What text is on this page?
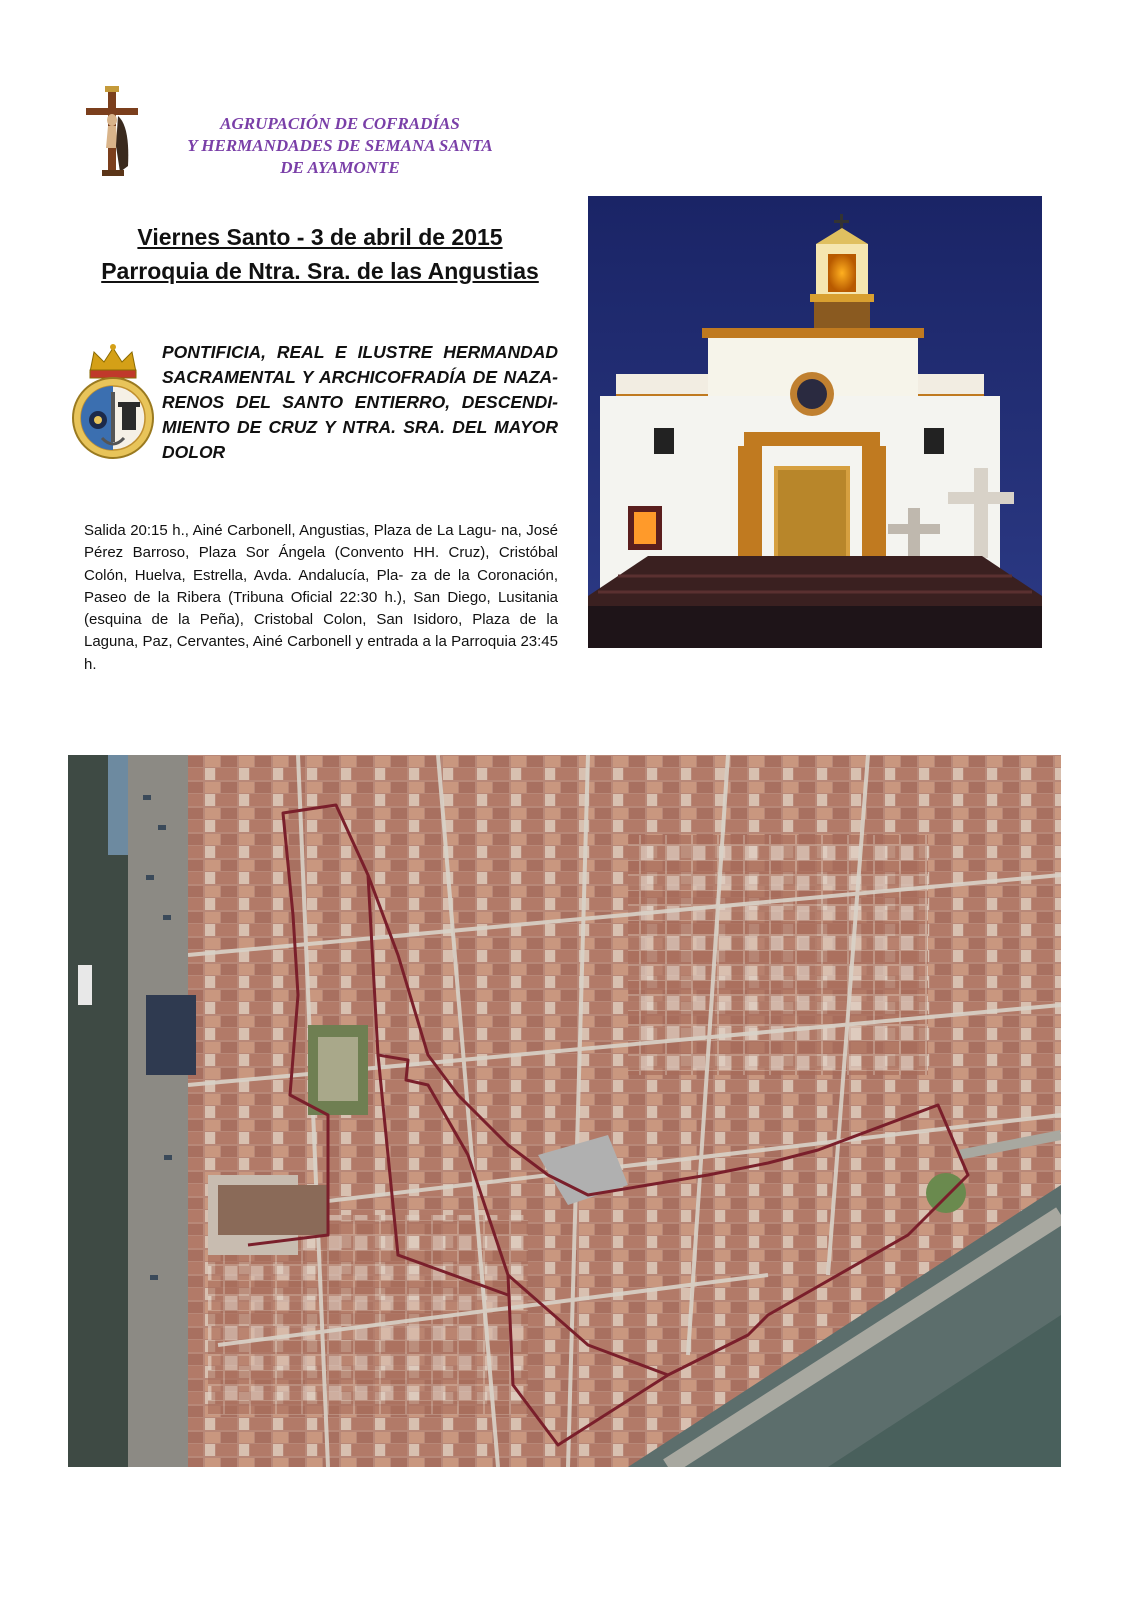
AGRUPACIÓN DE COFRADÍAS
Y HERMANDADES DE SEMANA SANTA
DE AYAMONTE
Viernes Santo - 3 de abril de 2015
Parroquia de Ntra. Sra. de las Angustias
PONTIFICIA, REAL E ILUSTRE HERMANDAD SACRAMENTAL Y ARCHICOFRADÍA DE NAZA- RENOS DEL SANTO ENTIERRO, DESCENDI- MIENTO DE CRUZ Y NTRA. SRA. DEL MAYOR DOLOR
Salida 20:15 h., Ainé Carbonell, Angustias, Plaza de La Lagu- na, José Pérez Barroso, Plaza Sor Ángela (Convento HH. Cruz), Cristóbal Colón, Huelva, Estrella, Avda. Andalucía, Pla- za de la Coronación, Paseo de la Ribera (Tribuna Oficial 22:30 h.), San Diego, Lusitania (esquina de la Peña), Cristobal Colon, San Isidoro, Plaza de la Laguna, Paz, Cervantes, Ainé Carbonell y entrada a la Parroquia 23:45 h.
